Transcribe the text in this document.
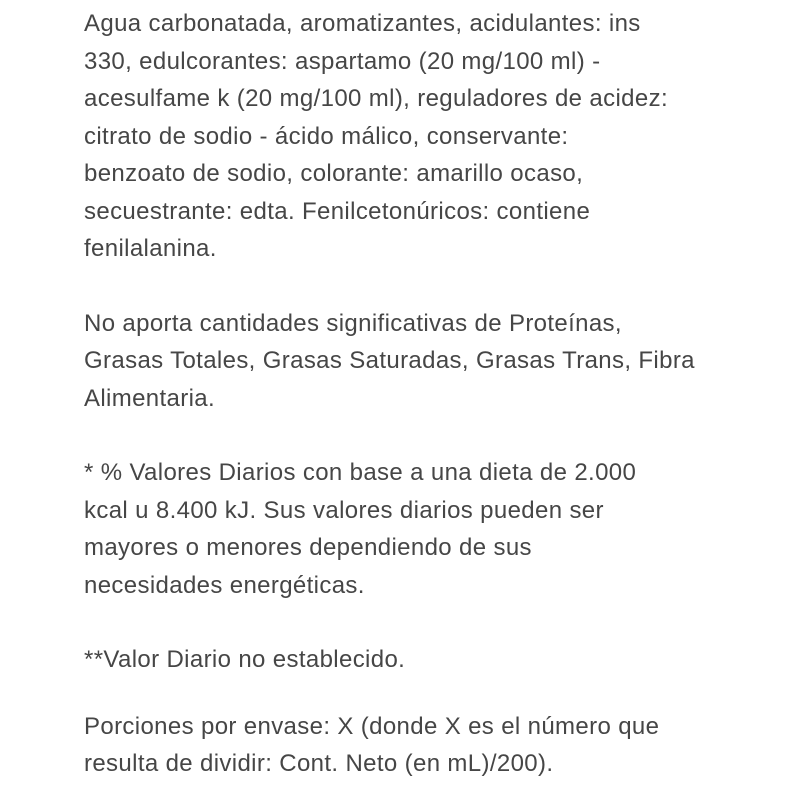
Agua carbonatada, aromatizantes, acidulantes: ins
330, edulcorantes: aspartamo (20 mg/100 ml) -
acesulfame k (20 mg/100 ml), reguladores de acidez:
citrato de sodio - ácido málico, conservante:
benzoato de sodio, colorante: amarillo ocaso,
secuestrante: edta. Fenilcetonúricos: contiene
fenilalanina.

No aporta cantidades significativas de Proteínas,
Grasas Totales, Grasas Saturadas, Grasas Trans, Fibra
Alimentaria.

* % Valores Diarios con base a una dieta de 2.000
kcal u 8.400 kJ. Sus valores diarios pueden ser
mayores o menores dependiendo de sus
necesidades energéticas.

**Valor Diario no establecido.

Porciones por envase: X (donde X es el número que
resulta de dividir: Cont. Neto (en mL)/200).
